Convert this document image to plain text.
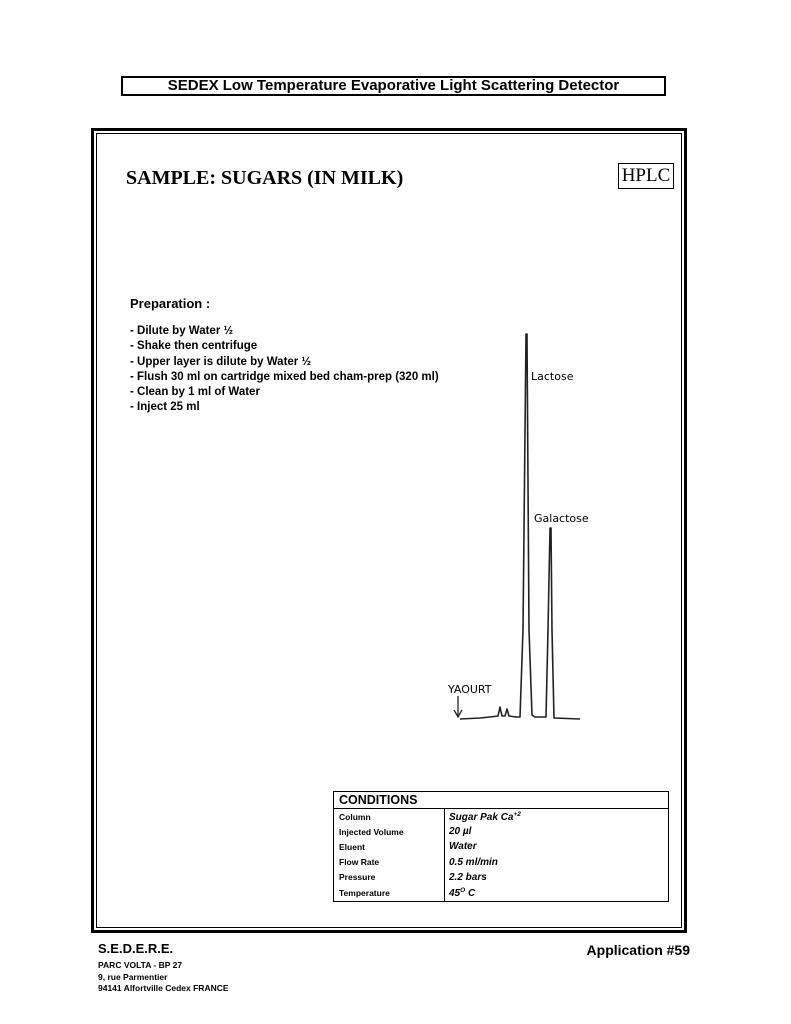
SEDEX Low Temperature Evaporative Light Scattering Detector
SAMPLE: SUGARS (IN MILK)	HPLC
Preparation :
- Dilute by Water ½
- Shake then centrifuge
- Upper layer is dilute by Water ½
- Flush 30 ml on cartridge mixed bed cham-prep (320 ml)
- Clean by 1 ml of Water
- Inject 25 ml
YAOURT
Lactose
Galactose
CONDITIONS
Column	Sugar Pak $Ca^{+2}$
Injected Volume	20 µl
Eluent	Water
Flow Rate	0.5 ml/min
Pressure	2.2 bars
Temperature	$45^O$ C
S.E.D.E.R.E.
PARC VOLTA - BP 27
9, rue Parmentier
94141 Alfortville Cedex FRANCE
Application #59
